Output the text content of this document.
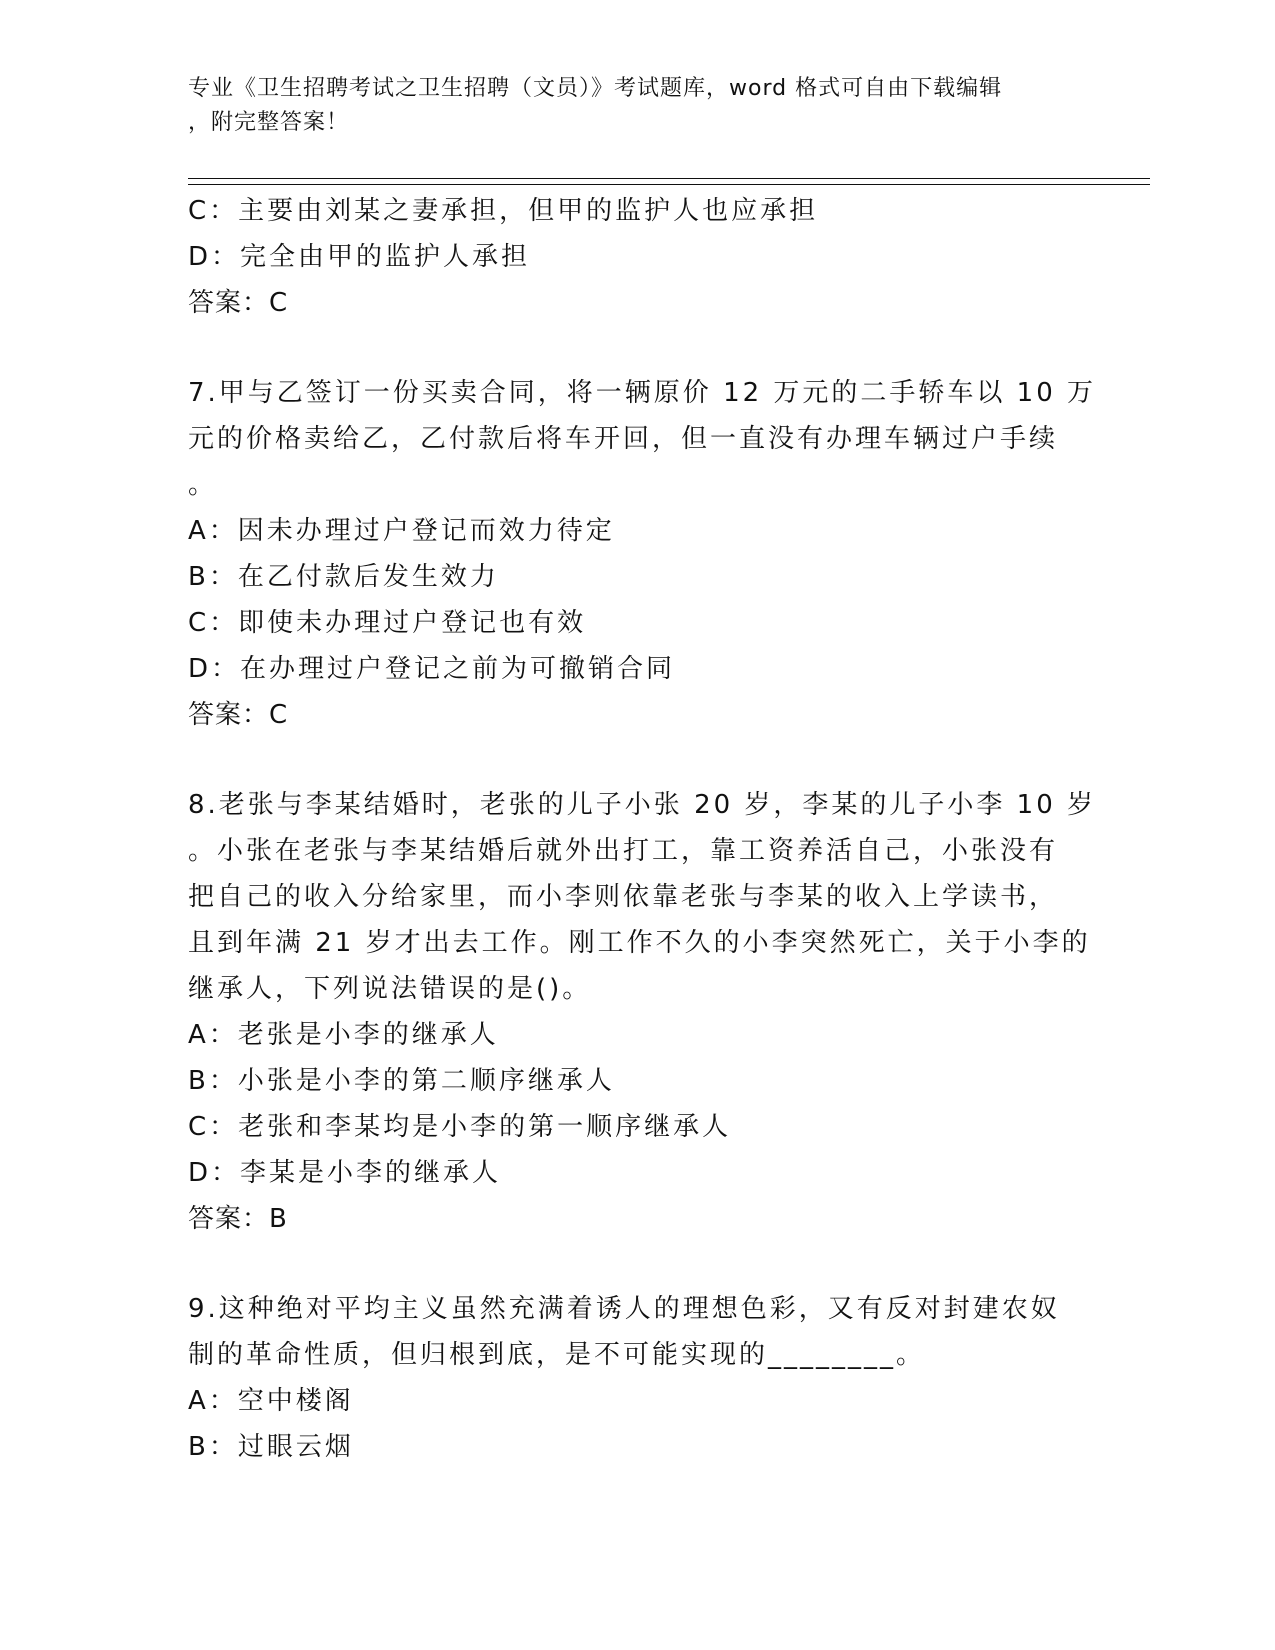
专业《卫生招聘考试之卫生招聘（文员）》考试题库，word 格式可自由下载编辑
，附完整答案！
C：主要由刘某之妻承担，但甲的监护人也应承担
D：完全由甲的监护人承担
答案：C
7.甲与乙签订一份买卖合同，将一辆原价 12 万元的二手轿车以 10 万
元的价格卖给乙，乙付款后将车开回，但一直没有办理车辆过户手续
。
A：因未办理过户登记而效力待定
B：在乙付款后发生效力
C：即使未办理过户登记也有效
D：在办理过户登记之前为可撤销合同
答案：C
8.老张与李某结婚时，老张的儿子小张 20 岁，李某的儿子小李 10 岁
。小张在老张与李某结婚后就外出打工，靠工资养活自己，小张没有
把自己的收入分给家里，而小李则依靠老张与李某的收入上学读书，
且到年满 21 岁才出去工作。刚工作不久的小李突然死亡，关于小李的
继承人，下列说法错误的是()。
A：老张是小李的继承人
B：小张是小李的第二顺序继承人
C：老张和李某均是小李的第一顺序继承人
D：李某是小李的继承人
答案：B
9.这种绝对平均主义虽然充满着诱人的理想色彩，又有反对封建农奴
制的革命性质，但归根到底，是不可能实现的________。
A：空中楼阁
B：过眼云烟
